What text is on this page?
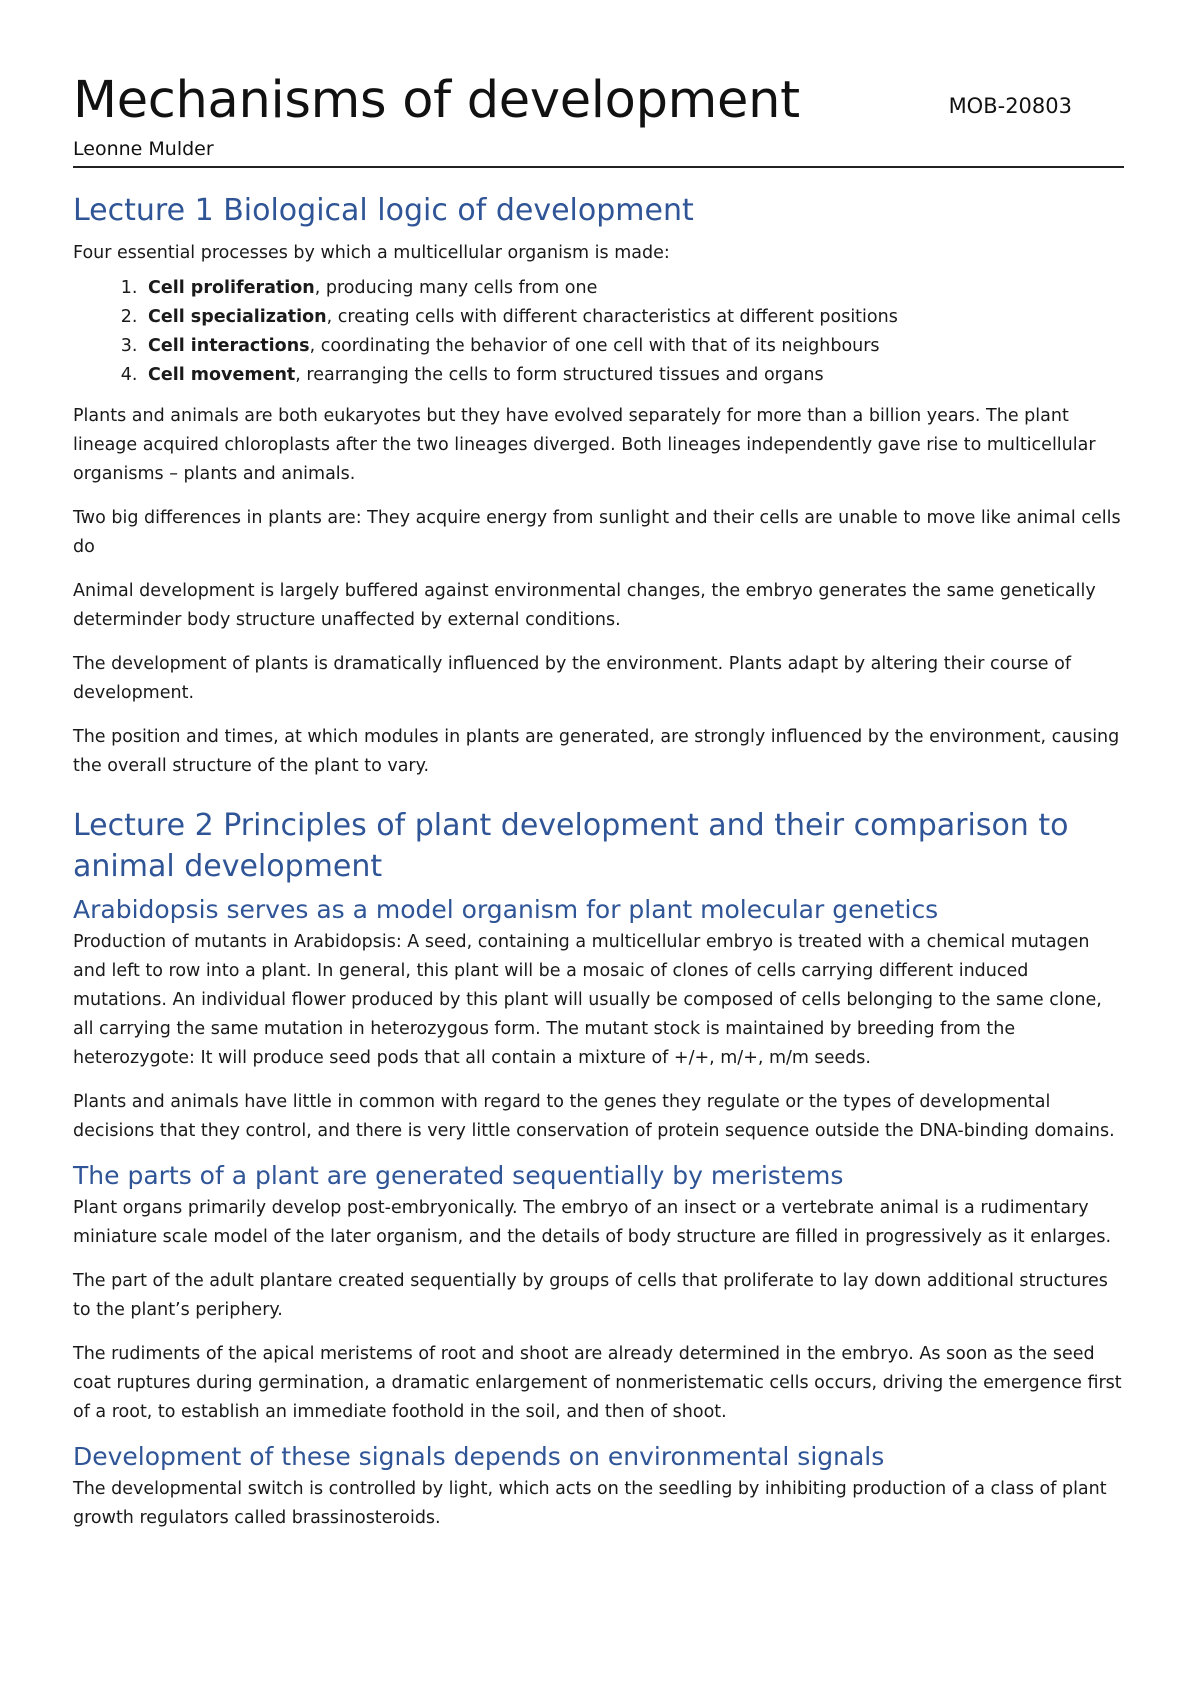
Mechanisms of development	MOB-20803
Leonne Mulder
Lecture 1 Biological logic of development

Four essential processes by which a multicellular organism is made:

1. Cell proliferation, producing many cells from one
2. Cell specialization, creating cells with different characteristics at different positions
3. Cell interactions, coordinating the behavior of one cell with that of its neighbours
4. Cell movement, rearranging the cells to form structured tissues and organs

Plants and animals are both eukaryotes but they have evolved separately for more than a billion years. The plant lineage acquired chloroplasts after the two lineages diverged. Both lineages independently gave rise to multicellular organisms – plants and animals.

Two big differences in plants are: They acquire energy from sunlight and their cells are unable to move like animal cells do

Animal development is largely buffered against environmental changes, the embryo generates the same genetically determinder body structure unaffected by external conditions.

The development of plants is dramatically influenced by the environment. Plants adapt by altering their course of development.

The position and times, at which modules in plants are generated, are strongly influenced by the environment, causing the overall structure of the plant to vary.

Lecture 2 Principles of plant development and their comparison to animal development
Arabidopsis serves as a model organism for plant molecular genetics

Production of mutants in Arabidopsis: A seed, containing a multicellular embryo is treated with a chemical mutagen and left to row into a plant. In general, this plant will be a mosaic of clones of cells carrying different induced mutations. An individual flower produced by this plant will usually be composed of cells belonging to the same clone, all carrying the same mutation in heterozygous form. The mutant stock is maintained by breeding from the heterozygote: It will produce seed pods that all contain a mixture of +/+, m/+, m/m seeds.

Plants and animals have little in common with regard to the genes they regulate or the types of developmental decisions that they control, and there is very little conservation of protein sequence outside the DNA-binding domains.

The parts of a plant are generated sequentially by meristems

Plant organs primarily develop post-embryonically. The embryo of an insect or a vertebrate animal is a rudimentary miniature scale model of the later organism, and the details of body structure are filled in progressively as it enlarges.

The part of the adult plantare created sequentially by groups of cells that proliferate to lay down additional structures to the plant’s periphery.

The rudiments of the apical meristems of root and shoot are already determined in the embryo. As soon as the seed coat ruptures during germination, a dramatic enlargement of nonmeristematic cells occurs, driving the emergence first of a root, to establish an immediate foothold in the soil, and then of shoot.

Development of these signals depends on environmental signals

The developmental switch is controlled by light, which acts on the seedling by inhibiting production of a class of plant growth regulators called brassinosteroids.
